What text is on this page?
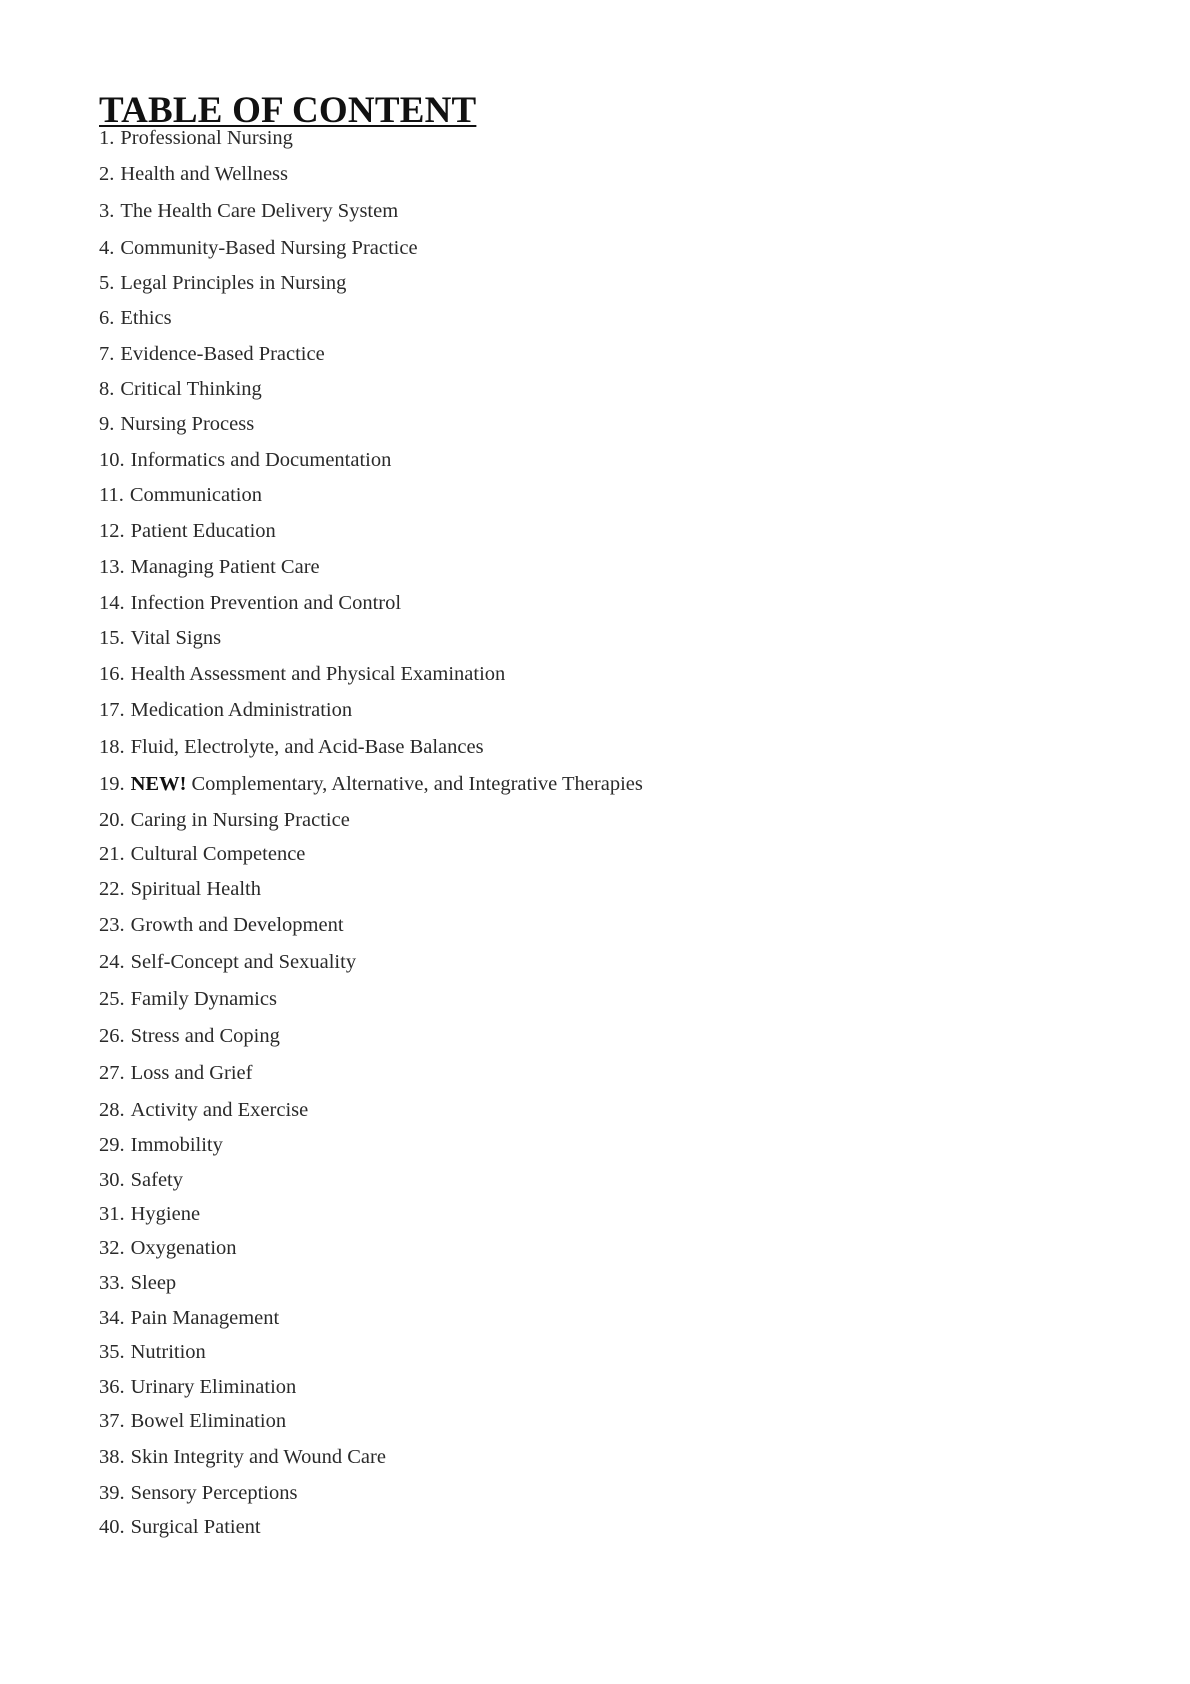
TABLE OF CONTENT
1. Professional Nursing
2. Health and Wellness
3. The Health Care Delivery System
4. Community-Based Nursing Practice
5. Legal Principles in Nursing
6. Ethics
7. Evidence-Based Practice
8. Critical Thinking
9. Nursing Process
10. Informatics and Documentation
11. Communication
12. Patient Education
13. Managing Patient Care
14. Infection Prevention and Control
15. Vital Signs
16. Health Assessment and Physical Examination
17. Medication Administration
18. Fluid, Electrolyte, and Acid-Base Balances
19. NEW! Complementary, Alternative, and Integrative Therapies
20. Caring in Nursing Practice
21. Cultural Competence
22. Spiritual Health
23. Growth and Development
24. Self-Concept and Sexuality
25. Family Dynamics
26. Stress and Coping
27. Loss and Grief
28. Activity and Exercise
29. Immobility
30. Safety
31. Hygiene
32. Oxygenation
33. Sleep
34. Pain Management
35. Nutrition
36. Urinary Elimination
37. Bowel Elimination
38. Skin Integrity and Wound Care
39. Sensory Perceptions
40. Surgical Patient
